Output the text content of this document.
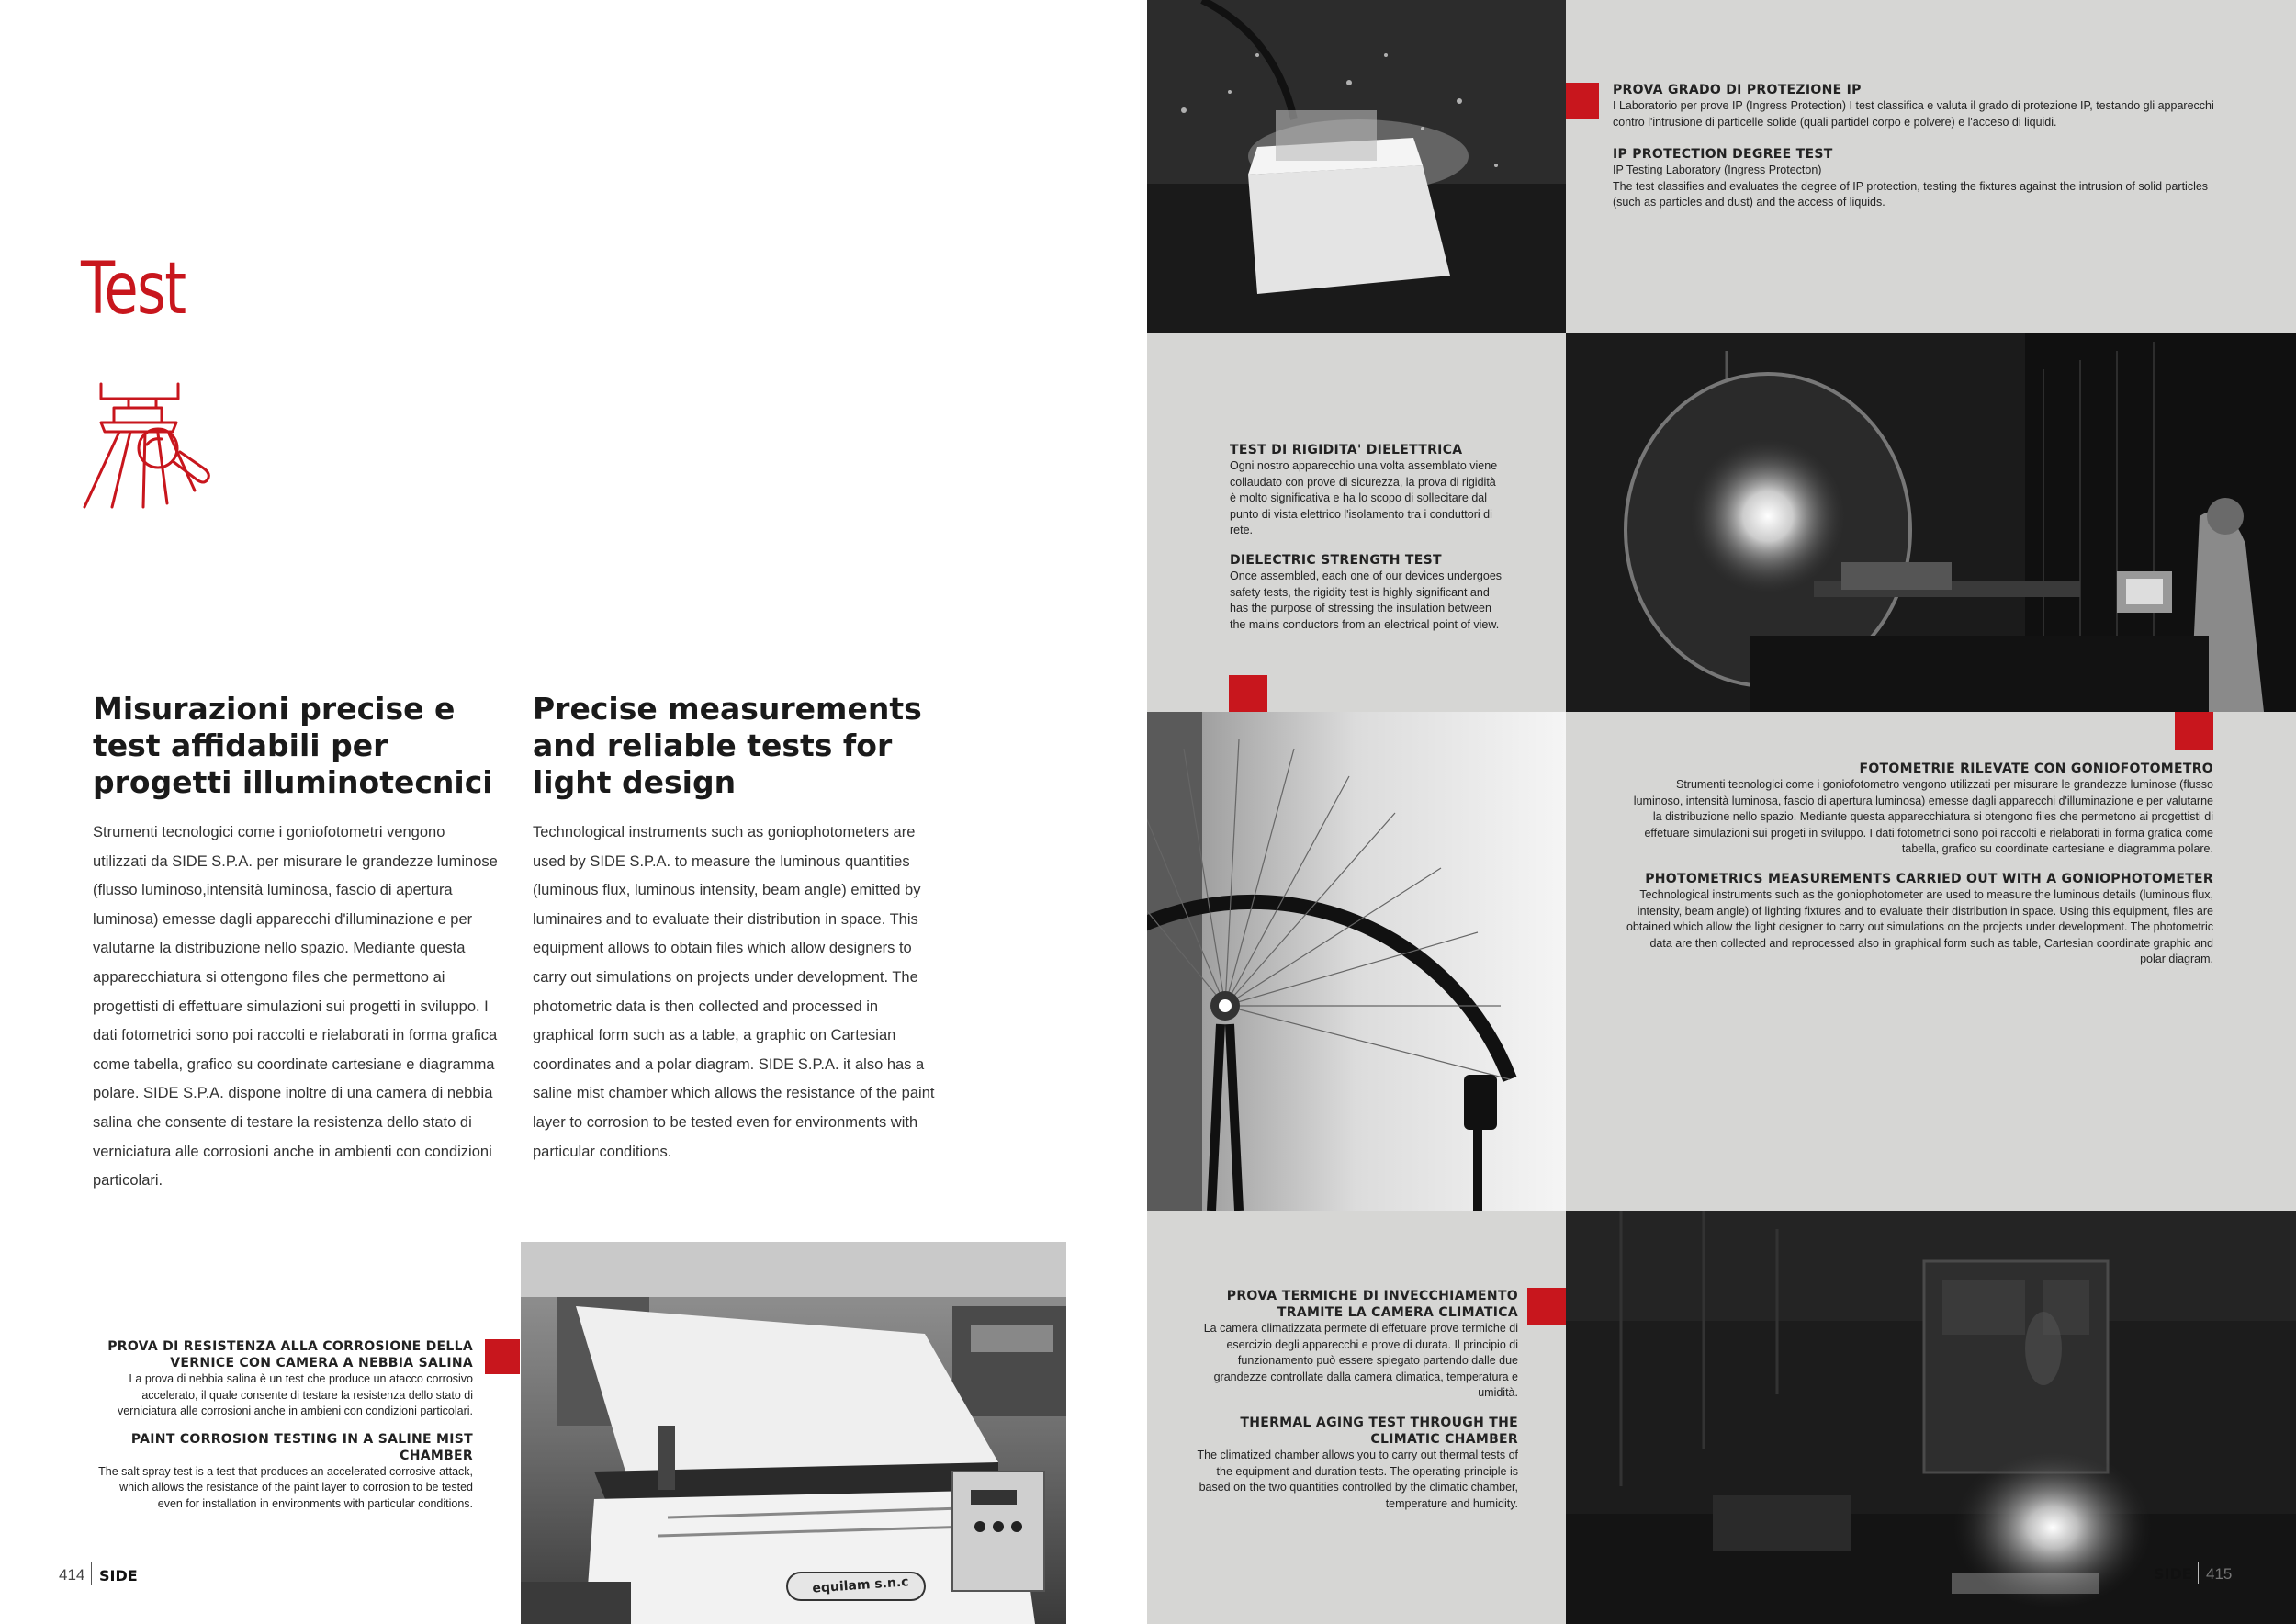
Test
Misurazioni precise e test affidabili per progetti illuminotecnici

Strumenti tecnologici come i goniofotometri vengono utilizzati da SIDE S.P.A. per misurare le grandezze luminose (flusso luminoso,intensità luminosa, fascio di apertura luminosa) emesse dagli apparecchi d'illuminazione e per valutarne la distribuzione nello spazio. Mediante questa apparecchiatura si ottengono files che permettono ai progettisti di effettuare simulazioni sui progetti in sviluppo. I dati fotometrici sono poi raccolti e rielaborati in forma grafica come tabella, grafico su coordinate cartesiane e diagramma polare. SIDE S.P.A. dispone inoltre di una camera di nebbia salina che consente di testare la resistenza dello stato di verniciatura alle corrosioni anche in ambienti con condizioni particolari.

Precise measurements and reliable tests for light design

Technological instruments such as goniophotometers are used by SIDE S.P.A. to measure the luminous quantities (luminous flux, luminous intensity, beam angle) emitted by luminaires and to evaluate their distribution in space. This equipment allows to obtain files which allow designers to carry out simulations on projects under development. The photometric data is then collected and processed in graphical form such as a table, a graphic on Cartesian coordinates and a polar diagram. SIDE S.P.A. it also has a saline mist chamber which allows the resistance of the paint layer to corrosion to be tested even for environments with particular conditions.

PROVA DI RESISTENZA ALLA CORROSIONE DELLA VERNICE CON CAMERA A NEBBIA SALINA

La prova di nebbia salina è un test che produce un atacco corrosivo accelerato, il quale consente di testare la resistenza dello stato di verniciatura alle corrosioni anche in ambieni con condizioni particolari.

PAINT CORROSION TESTING IN A SALINE MIST CHAMBER

The salt spray test is a test that produces an accelerated corrosive attack, which allows the resistance of the paint layer to corrosion to be tested even for installation in environments with particular conditions.

equilam s.n.c
414 SIDE
PROVA GRADO DI PROTEZIONE IP

I Laboratorio per prove IP (Ingress Protection) I test classifica e valuta il grado di protezione IP, testando gli apparecchi contro l'intrusione di particelle solide (quali partidel corpo e polvere) e l'acceso di liquidi.

IP PROTECTION DEGREE TEST

IP Testing Laboratory (Ingress Protecton)

The test classifies and evaluates the degree of IP protection, testing the fixtures against the intrusion of solid particles (such as particles and dust) and the access of liquids.

TEST DI RIGIDITA' DIELETTRICA

Ogni nostro apparecchio una volta assemblato viene collaudato con prove di sicurezza, la prova di rigidità è molto significativa e ha lo scopo di sollecitare dal punto di vista elettrico l'isolamento tra i conduttori di rete.

DIELECTRIC STRENGTH TEST

Once assembled, each one of our devices undergoes safety tests, the rigidity test is highly significant and has the purpose of stressing the insulation between the mains conductors from an electrical point of view.

FOTOMETRIE RILEVATE CON GONIOFOTOMETRO

Strumenti tecnologici come i goniofotometro vengono utilizzati per misurare le grandezze luminose (flusso luminoso, intensità luminosa, fascio di apertura luminosa) emesse dagli apparecchi d'illuminazione e per valutarne la distribuzione nello spazio. Mediante questa apparecchiatura si otengono files che permetono ai progettisti di effetuare simulazioni sui progeti in sviluppo. I dati fotometrici sono poi raccolti e rielaborati in forma grafica come tabella, grafico su coordinate cartesiane e diagramma polare.

PHOTOMETRICS MEASUREMENTS CARRIED OUT WITH A GONIOPHOTOMETER

Technological instruments such as the goniophotometer are used to measure the luminous details (luminous flux, intensity, beam angle) of lighting fixtures and to evaluate their distribution in space. Using this equipment, files are obtained which allow the light designer to carry out simulations on the projects under development. The photometric data are then collected and reprocessed also in graphical form such as table, Cartesian coordinate graphic and polar diagram.

PROVA TERMICHE DI INVECCHIAMENTO TRAMITE LA CAMERA CLIMATICA

La camera climatizzata permete di effetuare prove termiche di esercizio degli apparecchi e prove di durata. Il principio di funzionamento può essere spiegato partendo dalle due grandezze controllate dalla camera climatica, temperatura e umidità.

THERMAL AGING TEST THROUGH THE CLIMATIC CHAMBER

The climatized chamber allows you to carry out thermal tests of the equipment and duration tests. The operating principle is based on the two quantities controlled by the climatic chamber, temperature and humidity.

SIDE 415
